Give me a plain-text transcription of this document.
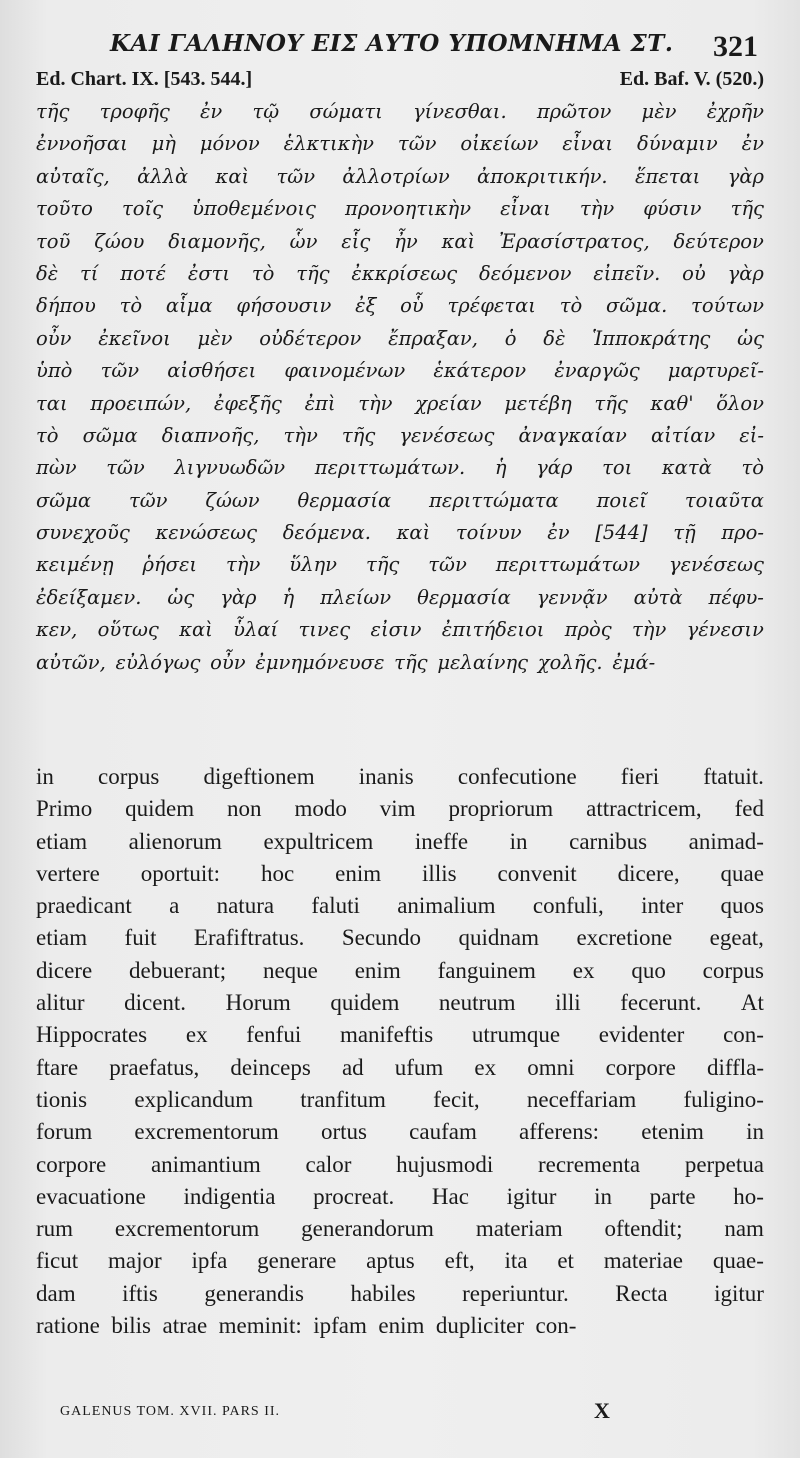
ΚΑΙ ΓΑΛΗΝΟΥ ΕΙΣ ΑΥΤΟ ΥΠΟΜΝΗΜΑ ΣΤ. 321
Ed. Chart. IX. [543. 544.]	Ed. Baf. V. (520.)
τῆς τροφῆς ἐν τῷ σώματι γίνεσθαι. πρῶτον μὲν ἐχρῆν
ἐννοῆσαι μὴ μόνον ἑλκτικὴν τῶν οἰκείων εἶναι δύναμιν ἐν
αὐταῖς, ἀλλὰ καὶ τῶν ἀλλοτρίων ἀποκριτικήν. ἕπεται γὰρ
τοῦτο τοῖς ὑποθεμένοις προνοητικὴν εἶναι τὴν φύσιν τῆς
τοῦ ζώου διαμονῆς, ὧν εἷς ἦν καὶ Ἐρασίστρατος, δεύτερον
δὲ τί ποτέ ἐστι τὸ τῆς ἐκκρίσεως δεόμενον εἰπεῖν. οὐ γὰρ
δήπου τὸ αἷμα φήσουσιν ἐξ οὗ τρέφεται τὸ σῶμα. τούτων
οὖν ἐκεῖνοι μὲν οὐδέτερον ἔπραξαν, ὁ δὲ Ἱπποκράτης ὡς
ὑπὸ τῶν αἰσθήσει φαινομένων ἑκάτερον ἐναργῶς μαρτυρεῖ-
ται προειπών, ἐφεξῆς ἐπὶ τὴν χρείαν μετέβη τῆς καθ' ὅλον
τὸ σῶμα διαπνοῆς, τὴν τῆς γενέσεως ἀναγκαίαν αἰτίαν εἰ-
πὼν τῶν λιγνυωδῶν περιττωμάτων. ἡ γάρ τοι κατὰ τὸ
σῶμα τῶν ζώων θερμασία περιττώματα ποιεῖ τοιαῦτα
συνεχοῦς κενώσεως δεόμενα. καὶ τοίνυν ἐν [544] τῇ προ-
κειμένῃ ῥήσει τὴν ὕλην τῆς τῶν περιττωμάτων γενέσεως
ἐδείξαμεν. ὡς γὰρ ἡ πλείων θερμασία γεννᾷν αὐτὰ πέφυ-
κεν, οὕτως καὶ ὗλαί τινες εἰσιν ἐπιτήδειοι πρὸς τὴν γένεσιν
αὐτῶν, εὐλόγως οὖν ἐμνημόνευσε τῆς μελαίνης χολῆς. ἐμά-
in corpus digeftionem inanis confecutione fieri ftatuit.
Primo quidem non modo vim propriorum attractricem, fed
etiam alienorum expultricem ineffe in carnibus animad-
vertere oportuit: hoc enim illis convenit dicere, quae
praedicant a natura faluti animalium confuli, inter quos
etiam fuit Erafiftratus. Secundo quidnam excretione egeat,
dicere debuerant; neque enim fanguinem ex quo corpus
alitur dicent. Horum quidem neutrum illi fecerunt. At
Hippocrates ex fenfui manifeftis utrumque evidenter con-
ftare praefatus, deinceps ad ufum ex omni corpore diffla-
tionis explicandum tranfitum fecit, neceffariam fuligino-
forum excrementorum ortus caufam afferens: etenim in
corpore animantium calor hujusmodi recrementa perpetua
evacuatione indigentia procreat. Hac igitur in parte ho-
rum excrementorum generandorum materiam oftendit; nam
ficut major ipfa generare aptus eft, ita et materiae quae-
dam iftis generandis habiles reperiuntur. Recta igitur
ratione bilis atrae meminit: ipfam enim dupliciter con-
GALENUS TOM. XVII. PARS II.	X
